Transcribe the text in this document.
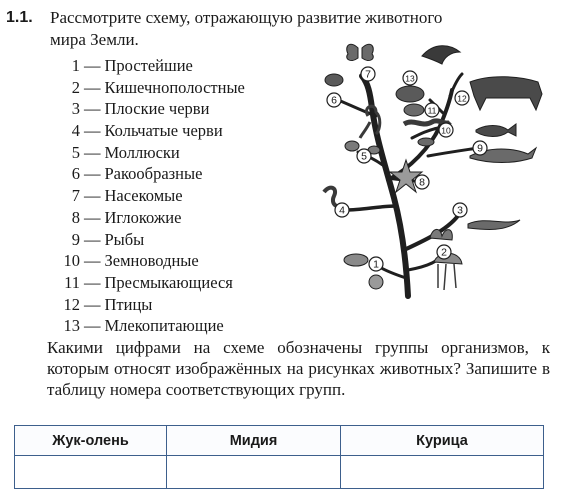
1.1. Рассмотрите схему, отражающую развитие животного
мира Земли.
1 — Простейшие
2 — Кишечнополостные
3 — Плоские черви
4 — Кольчатые черви
5 — Моллюски
6 — Ракообразные
7 — Насекомые
8 — Иглокожие
9 — Рыбы
10 — Земноводные
11 — Пресмыкающиеся
12 — Птицы
13 — Млекопитающие
7
6
5
4
8
9
10
11
12
13
3
2
1
Какими цифрами на схеме обозначены группы организмов, к которым относят изображённых на рисунках животных? Запишите в таблицу номера соответствующих групп.
Жук-олень	Мидия	Курица
